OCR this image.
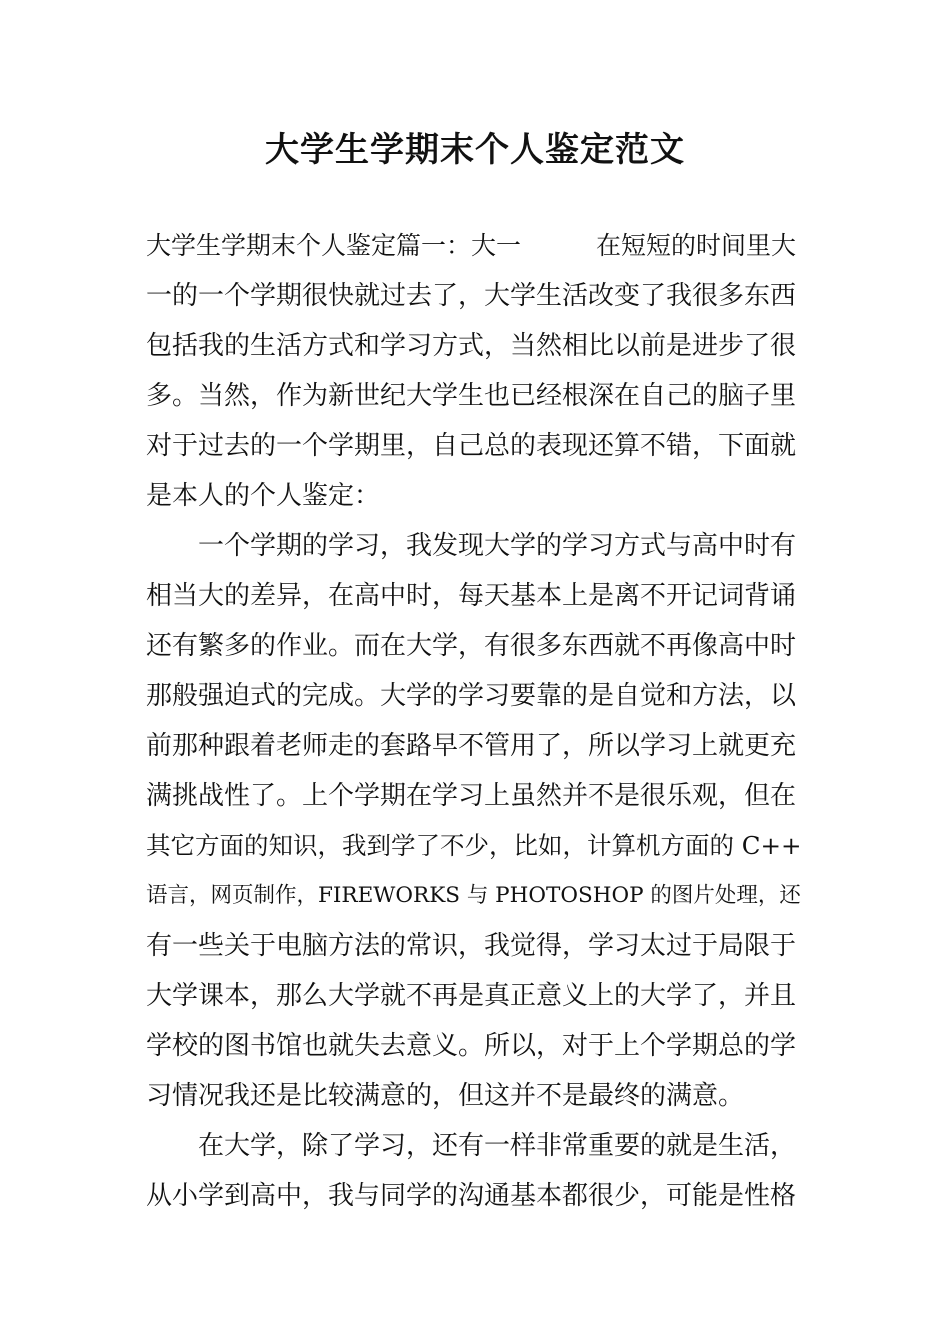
大学生学期末个人鉴定范文
大学生学期末个人鉴定篇一：大一　　　在短短的时间里大
一的一个学期很快就过去了，大学生活改变了我很多东西
包括我的生活方式和学习方式，当然相比以前是进步了很
多。当然，作为新世纪大学生也已经根深在自己的脑子里
对于过去的一个学期里，自己总的表现还算不错，下面就
是本人的个人鉴定：
　　一个学期的学习，我发现大学的学习方式与高中时有
相当大的差异，在高中时，每天基本上是离不开记词背诵
还有繁多的作业。而在大学，有很多东西就不再像高中时
那般强迫式的完成。大学的学习要靠的是自觉和方法，以
前那种跟着老师走的套路早不管用了，所以学习上就更充
满挑战性了。上个学期在学习上虽然并不是很乐观，但在
其它方面的知识，我到学了不少，比如，计算机方面的 C++
语言，网页制作，FIREWORKS 与 PHOTOSHOP 的图片处理，还
有一些关于电脑方法的常识，我觉得，学习太过于局限于
大学课本，那么大学就不再是真正意义上的大学了，并且
学校的图书馆也就失去意义。所以，对于上个学期总的学
习情况我还是比较满意的，但这并不是最终的满意。
　　在大学，除了学习，还有一样非常重要的就是生活，
从小学到高中，我与同学的沟通基本都很少，可能是性格
